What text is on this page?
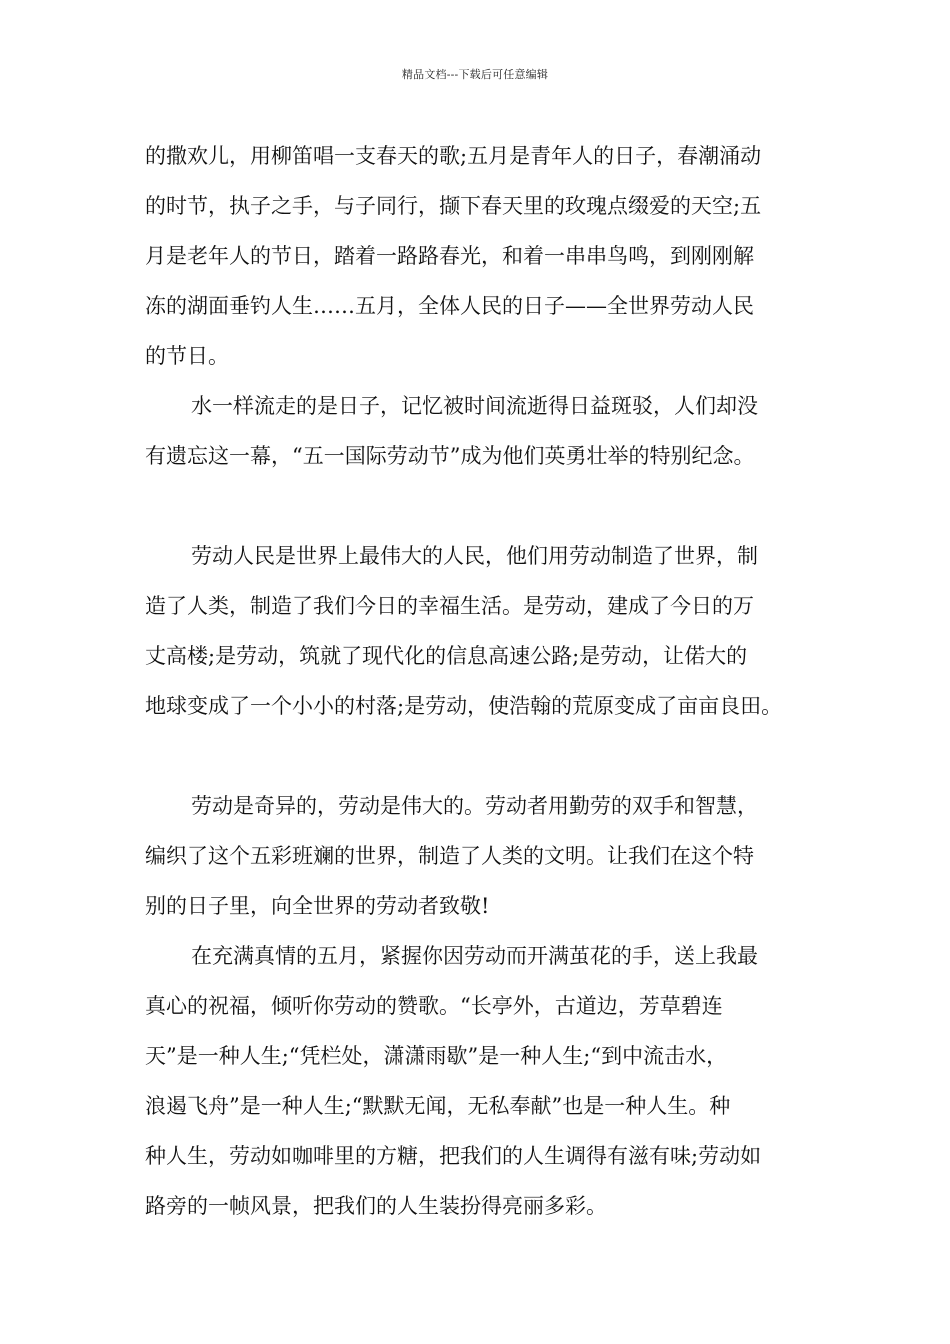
精品文档---下载后可任意编辑
的撒欢儿，用柳笛唱一支春天的歌;五月是青年人的日子，春潮涌动
的时节，执子之手，与子同行，撷下春天里的玫瑰点缀爱的天空;五
月是老年人的节日，踏着一路路春光，和着一串串鸟鸣，到刚刚解
冻的湖面垂钓人生……五月，全体人民的日子——全世界劳动人民
的节日。
水一样流走的是日子，记忆被时间流逝得日益斑驳，人们却没
有遗忘这一幕，“五一国际劳动节”成为他们英勇壮举的特别纪念。
劳动人民是世界上最伟大的人民，他们用劳动制造了世界，制
造了人类，制造了我们今日的幸福生活。是劳动，建成了今日的万
丈高楼;是劳动，筑就了现代化的信息高速公路;是劳动，让偌大的
地球变成了一个小小的村落;是劳动，使浩翰的荒原变成了亩亩良田。
劳动是奇异的，劳动是伟大的。劳动者用勤劳的双手和智慧，
编织了这个五彩班斓的世界，制造了人类的文明。让我们在这个特
别的日子里，向全世界的劳动者致敬!
在充满真情的五月，紧握你因劳动而开满茧花的手，送上我最
真心的祝福，倾听你劳动的赞歌。“长亭外，古道边，芳草碧连
天”是一种人生;“凭栏处，潇潇雨歇”是一种人生;“到中流击水，
浪遏飞舟”是一种人生;“默默无闻，无私奉献”也是一种人生。种
种人生，劳动如咖啡里的方糖，把我们的人生调得有滋有味;劳动如
路旁的一帧风景，把我们的人生装扮得亮丽多彩。
